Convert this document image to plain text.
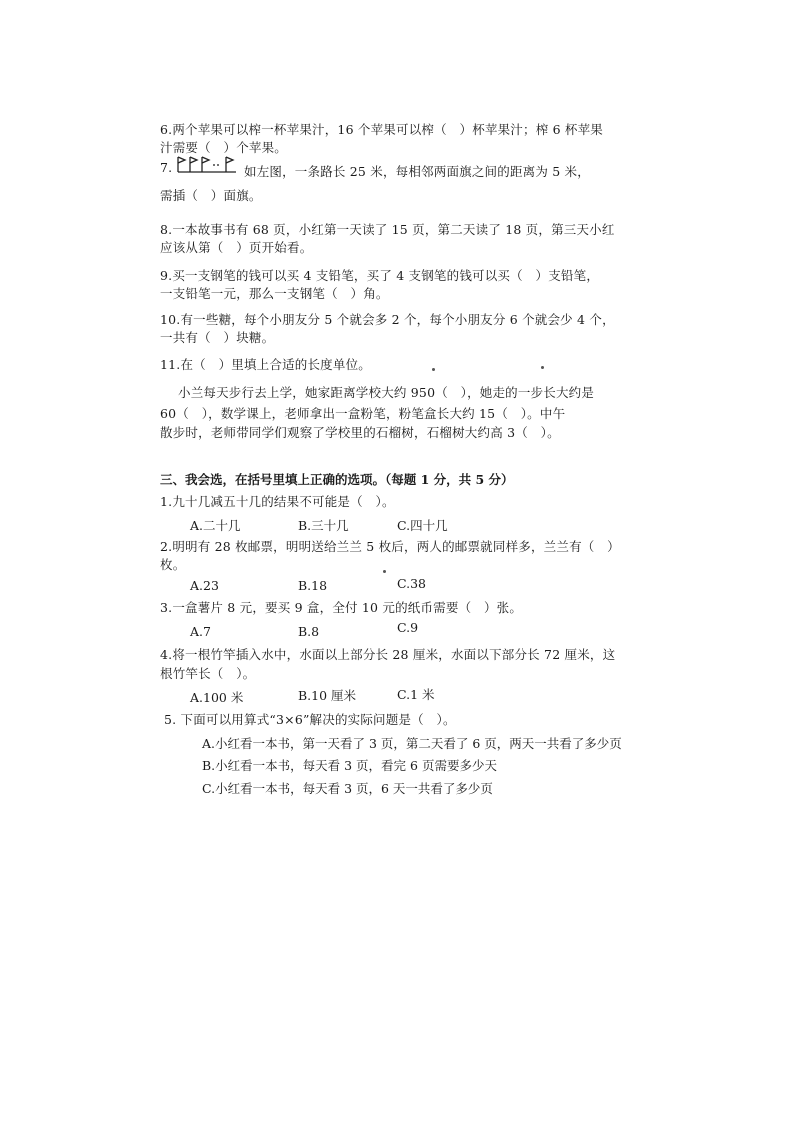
6.两个苹果可以榨一杯苹果汁，16 个苹果可以榨（　）杯苹果汁；榨 6 杯苹果
汁需要（　）个苹果。
7.	如左图，一条路长 25 米，每相邻两面旗之间的距离为 5 米，
需插（　）面旗。
8.一本故事书有 68 页，小红第一天读了 15 页，第二天读了 18 页，第三天小红
应该从第（　）页开始看。
9.买一支钢笔的钱可以买 4 支铅笔，买了 4 支钢笔的钱可以买（　）支铅笔，
一支铅笔一元，那么一支钢笔（　）角。
10.有一些糖，每个小朋友分 5 个就会多 2 个，每个小朋友分 6 个就会少 4 个，
一共有（　）块糖。
11.在（　）里填上合适的长度单位。
小兰每天步行去上学，她家距离学校大约 950（　），她走的一步长大约是
60（　），数学课上，老师拿出一盒粉笔，粉笔盒长大约 15（　）。中午
散步时，老师带同学们观察了学校里的石榴树，石榴树大约高 3（　）。
三、我会选，在括号里填上正确的选项。（每题 1 分，共 5 分）
1.九十几减五十几的结果不可能是（　）。
A.二十几	B.三十几	C.四十几
2.明明有 28 枚邮票，明明送给兰兰 5 枚后，两人的邮票就同样多，兰兰有（　）
枚。
A.23	B.18	C.38
3.一盒薯片 8 元，要买 9 盒，全付 10 元的纸币需要（　）张。
A.7	B.8	C.9
4.将一根竹竿插入水中，水面以上部分长 28 厘米，水面以下部分长 72 厘米，这
根竹竿长（　）。
A.100 米	B.10 厘米	C.1 米
5. 下面可以用算式“3×6”解决的实际问题是（　）。
A.小红看一本书，第一天看了 3 页，第二天看了 6 页，两天一共看了多少页
B.小红看一本书，每天看 3 页，看完 6 页需要多少天
C.小红看一本书，每天看 3 页，6 天一共看了多少页
